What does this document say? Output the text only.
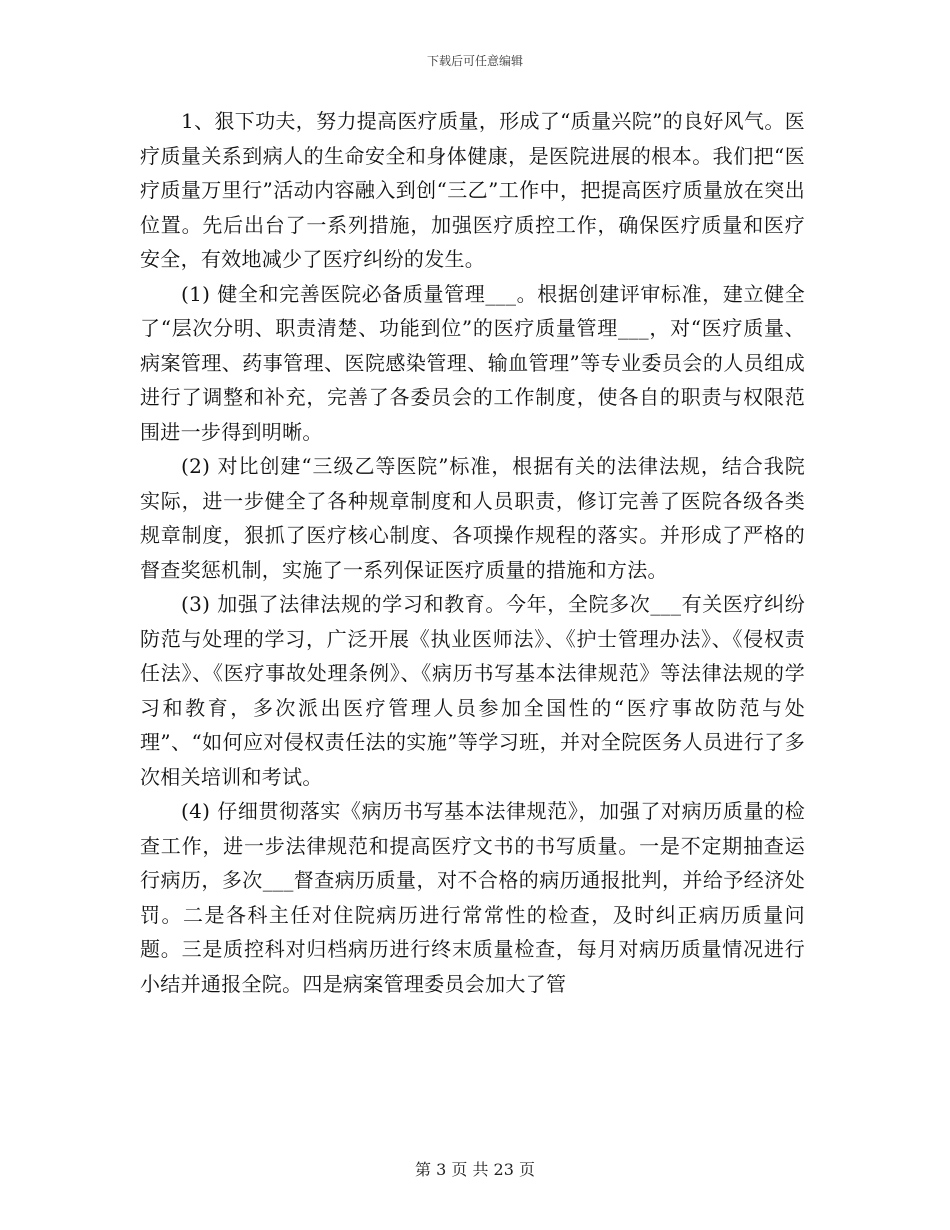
下载后可任意编辑

1、狠下功夫，努力提高医疗质量，形成了“质量兴院”的良好风气。医疗质量关系到病人的生命安全和身体健康，是医院进展的根本。我们把“医疗质量万里行”活动内容融入到创“三乙”工作中，把提高医疗质量放在突出位置。先后出台了一系列措施，加强医疗质控工作，确保医疗质量和医疗安全，有效地减少了医疗纠纷的发生。

(1) 健全和完善医院必备质量管理___。根据创建评审标准，建立健全了“层次分明、职责清楚、功能到位”的医疗质量管理___，对“医疗质量、病案管理、药事管理、医院感染管理、输血管理”等专业委员会的人员组成进行了调整和补充，完善了各委员会的工作制度，使各自的职责与权限范围进一步得到明晰。

(2) 对比创建“三级乙等医院”标准，根据有关的法律法规，结合我院实际，进一步健全了各种规章制度和人员职责，修订完善了医院各级各类规章制度，狠抓了医疗核心制度、各项操作规程的落实。并形成了严格的督查奖惩机制，实施了一系列保证医疗质量的措施和方法。

(3) 加强了法律法规的学习和教育。今年，全院多次___有关医疗纠纷防范与处理的学习，广泛开展《执业医师法》、《护士管理办法》、《侵权责任法》、《医疗事故处理条例》、《病历书写基本法律规范》等法律法规的学习和教育，多次派出医疗管理人员参加全国性的“医疗事故防范与处理”、“如何应对侵权责任法的实施”等学习班，并对全院医务人员进行了多次相关培训和考试。

(4) 仔细贯彻落实《病历书写基本法律规范》，加强了对病历质量的检查工作，进一步法律规范和提高医疗文书的书写质量。一是不定期抽查运行病历，多次___督查病历质量，对不合格的病历通报批判，并给予经济处罚。二是各科主任对住院病历进行常常性的检查，及时纠正病历质量问题。三是质控科对归档病历进行终末质量检查，每月对病历质量情况进行小结并通报全院。四是病案管理委员会加大了管

第 3 页 共 23 页
